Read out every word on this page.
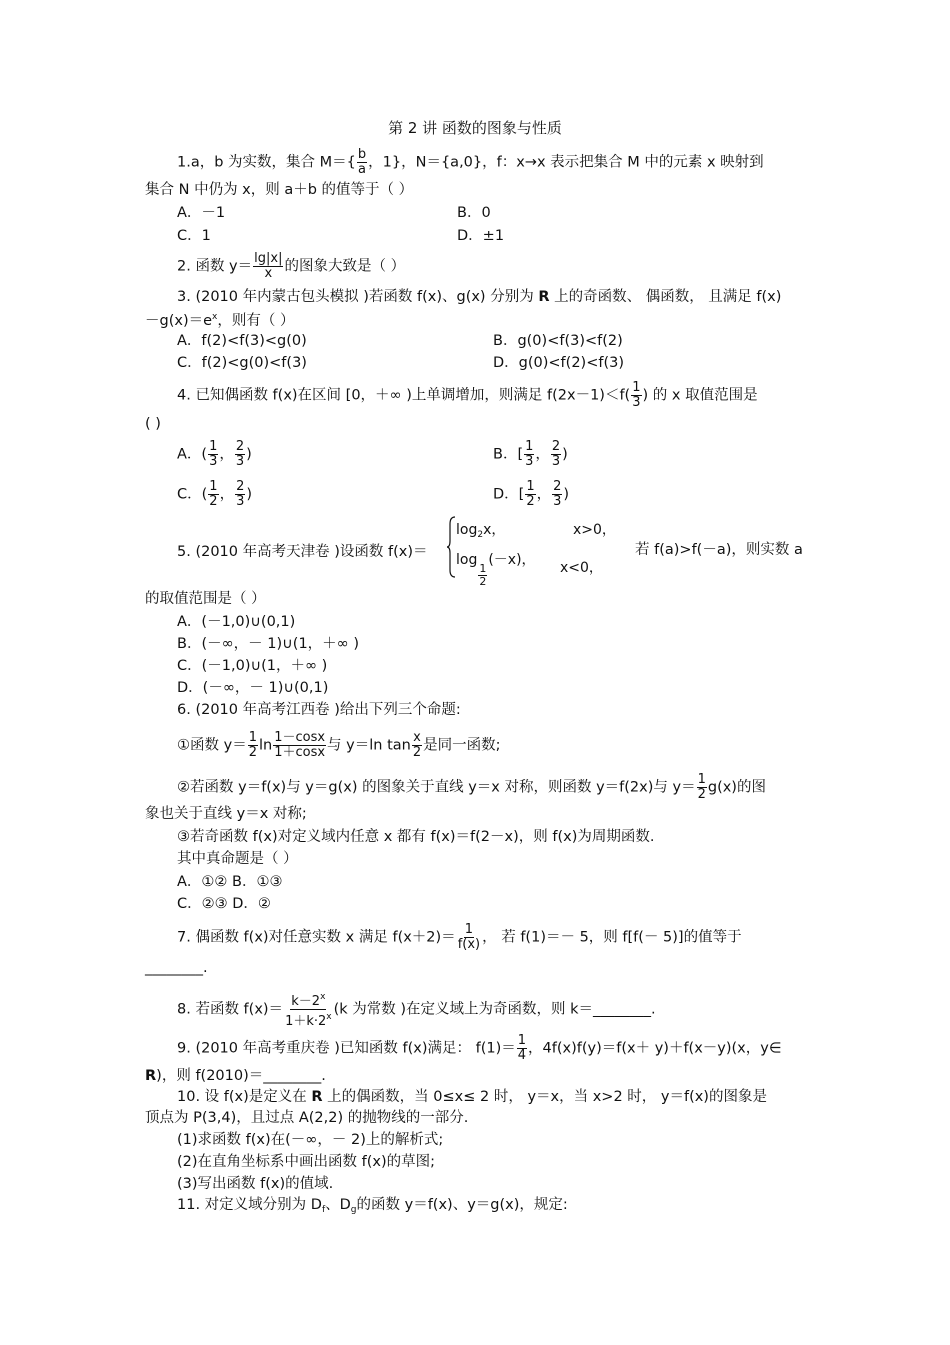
第 2 讲 函数的图象与性质
1.a，b 为实数，集合 $M=\{ \frac{b}{a}$ ，1}，N＝{a,0}，f：x→x 表示把集合 M 中的元素 x 映射到
集合 N 中仍为 x，则 a＋b 的值等于（ ）
A．－1	B．0
C．1	D．±1
2. 函数 $y= \frac{\lg|x|}{x}$ 的图象大致是（ ）
3. (2010 年内蒙古包头模拟 )若函数 f(x)、g(x) 分别为 R 上的奇函数、 偶函数， 且满足 f(x)
$-g(x)=e^x$，则有（ ）
A．f(2)<f(3)<g(0)	B．g(0)<f(3)<f(2)
C．f(2)<g(0)<f(3)	D．g(0)<f(2)<f(3)
4. 已知偶函数 f(x)在区间 [0，＋∞ )上单调增加，则满足 $f(2x-1)<f( \frac{1}{3}$ ) 的 x 取值范围是
( )
A．( $\frac{1}{3}$ ， $\frac{2}{3}$ )	B．[ $\frac{1}{3}$ ， $\frac{2}{3}$ )
C．( $\frac{1}{2}$ ， $\frac{2}{3}$ )	D．[ $\frac{1}{2}$ ， $\frac{2}{3}$ )
5. (2010 年高考天津卷 )设函数 f(x)＝
$\log_2x$，	x>0，
log
$\frac{1}{2}$
(－x)， x<0，
若 f(a)>f(－a)，则实数 a
的取值范围是（ ）
A．(－1,0)∪(0,1)
B．(－∞，－ 1)∪(1，＋∞ )
C．(－1,0)∪(1，＋∞ )
D．(－∞，－ 1)∪(0,1)
6. (2010 年高考江西卷 )给出下列三个命题:
①函数 $y= \frac{1}{2}$ $\ln \frac{1-\cos x}{1+\cos x}$ 与 y＝ln $\tan \frac{x}{2}$ 是同一函数;
②若函数 y＝f(x)与 y＝g(x) 的图象关于直线 y＝x 对称，则函数 y＝f(2x)与 $y= \frac{1}{2} g(x)$的图
象也关于直线 y＝x 对称;
③若奇函数 f(x)对定义域内任意 x 都有 f(x)＝f(2－x)，则 f(x)为周期函数.
其中真命题是（ ）
A．①② B．①③
C．②③ D．②
7. 偶函数 f(x)对任意实数 x 满足 $f(x+2)= \frac{1}{f(x)}$ ， 若 f(1)＝－ 5，则 f[f(－ 5)]的值等于
________.
8. 若函数 $f(x)= \frac{k-2^x}{1+k\cdot 2^x} (k$ 为常数 )在定义域上为奇函数，则 k＝________.
9. (2010 年高考重庆卷 )已知函数 f(x)满足： $f(1)= \frac{1}{4}$ ，4f(x)f(y)＝f(x＋ y)＋f(x－y)(x，y∈
R)，则 f(2010)＝________.
10. 设 f(x)是定义在 R 上的偶函数，当 0≤x≤ 2 时， y＝x，当 x>2 时， y＝f(x)的图象是
顶点为 P(3,4)，且过点 A(2,2) 的抛物线的一部分.
(1)求函数 f(x)在(－∞，－ 2)上的解析式;
(2)在直角坐标系中画出函数 f(x)的草图;
(3)写出函数 f(x)的值域.
11. 对定义域分别为 $D_f$、$D_g$的函数 y＝f(x)、y＝g(x)，规定:
